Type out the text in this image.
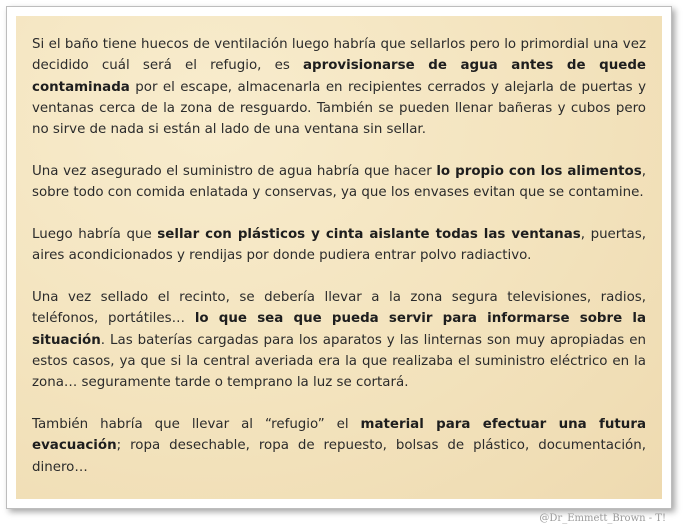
Si el baño tiene huecos de ventilación luego habría que sellarlos pero lo primordial una vez decidido cuál será el refugio, es aprovisionarse de agua antes de quede contaminada por el escape, almacenarla en recipientes cerrados y alejarla de puertas y ventanas cerca de la zona de resguardo. También se pueden llenar bañeras y cubos pero no sirve de nada si están al lado de una ventana sin sellar.

Una vez asegurado el suministro de agua habría que hacer lo propio con los alimentos, sobre todo con comida enlatada y conservas, ya que los envases evitan que se contamine.

Luego habría que sellar con plásticos y cinta aislante todas las ventanas, puertas, aires acondicionados y rendijas por donde pudiera entrar polvo radiactivo.

Una vez sellado el recinto, se debería llevar a la zona segura televisiones, radios, teléfonos, portátiles… lo que sea que pueda servir para informarse sobre la situación. Las baterías cargadas para los aparatos y las linternas son muy apropiadas en estos casos, ya que si la central averiada era la que realizaba el suministro eléctrico en la zona… seguramente tarde o temprano la luz se cortará.

También habría que llevar al “refugio” el material para efectuar una futura evacuación; ropa desechable, ropa de repuesto, bolsas de plástico, documentación, dinero…

@Dr_Emmett_Brown - T!
